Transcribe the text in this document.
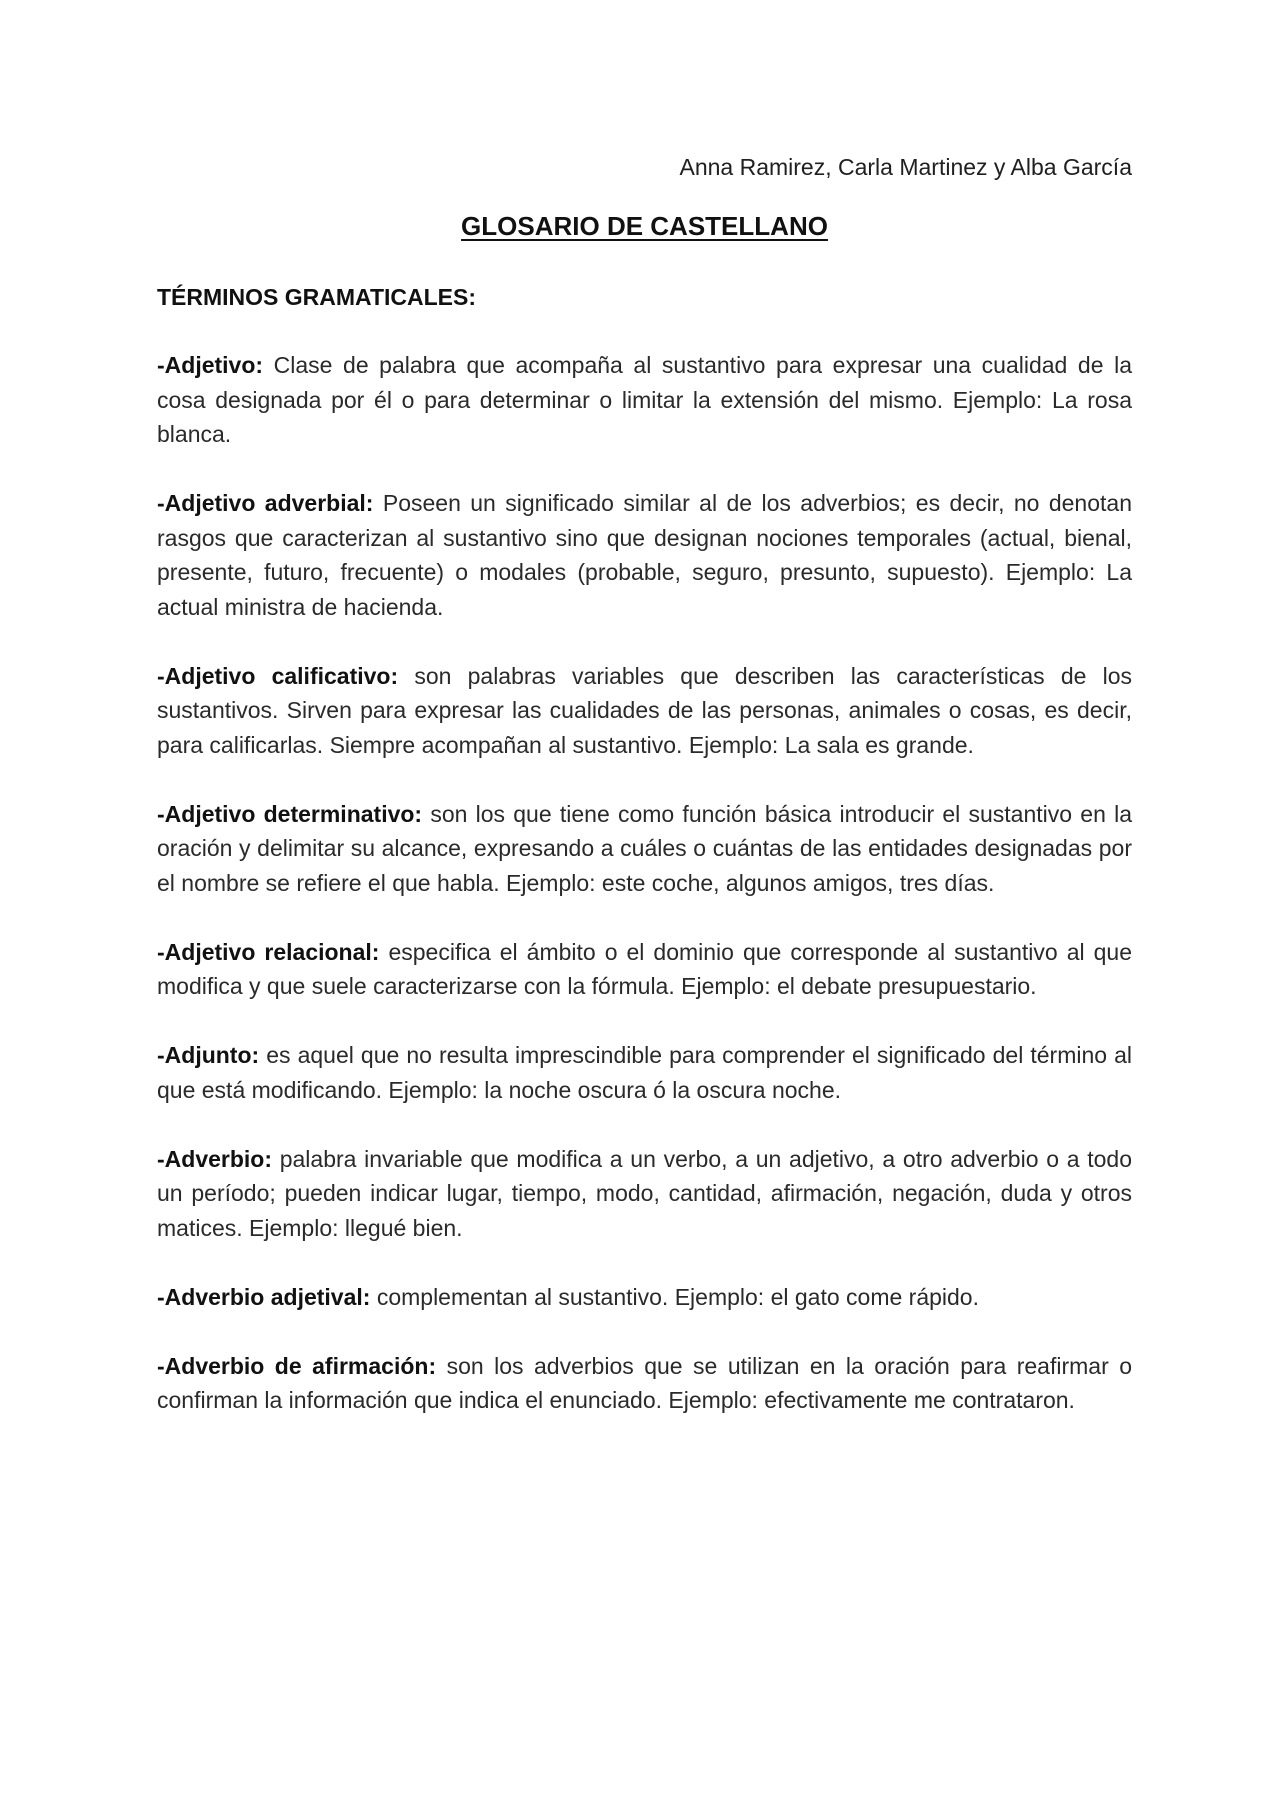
Anna Ramirez, Carla Martinez y Alba García
GLOSARIO DE CASTELLANO
TÉRMINOS GRAMATICALES:

-Adjetivo: Clase de palabra que acompaña al sustantivo para expresar una cualidad de la cosa designada por él o para determinar o limitar la extensión del mismo. Ejemplo: La rosa blanca.

-Adjetivo adverbial: Poseen un significado similar al de los adverbios; es decir, no denotan rasgos que caracterizan al sustantivo sino que designan nociones temporales (actual, bienal, presente, futuro, frecuente) o modales (probable, seguro, presunto, supuesto). Ejemplo: La actual ministra de hacienda.

-Adjetivo calificativo: son palabras variables que describen las características de los sustantivos. Sirven para expresar las cualidades de las personas, animales o cosas, es decir, para calificarlas. Siempre acompañan al sustantivo. Ejemplo: La sala es grande.

-Adjetivo determinativo: son los que tiene como función básica introducir el sustantivo en la oración y delimitar su alcance, expresando a cuáles o cuántas de las entidades designadas por el nombre se refiere el que habla. Ejemplo: este coche, algunos amigos, tres días.

-Adjetivo relacional: especifica el ámbito o el dominio que corresponde al sustantivo al que modifica y que suele caracterizarse con la fórmula. Ejemplo: el debate presupuestario.

-Adjunto: es aquel que no resulta imprescindible para comprender el significado del término al que está modificando. Ejemplo: la noche oscura ó la oscura noche.

-Adverbio: palabra invariable que modifica a un verbo, a un adjetivo, a otro adverbio o a todo un período; pueden indicar lugar, tiempo, modo, cantidad, afirmación, negación, duda y otros matices. Ejemplo: llegué bien.

-Adverbio adjetival: complementan al sustantivo. Ejemplo: el gato come rápido.

-Adverbio de afirmación: son los adverbios que se utilizan en la oración para reafirmar o confirman la información que indica el enunciado. Ejemplo: efectivamente me contrataron.
